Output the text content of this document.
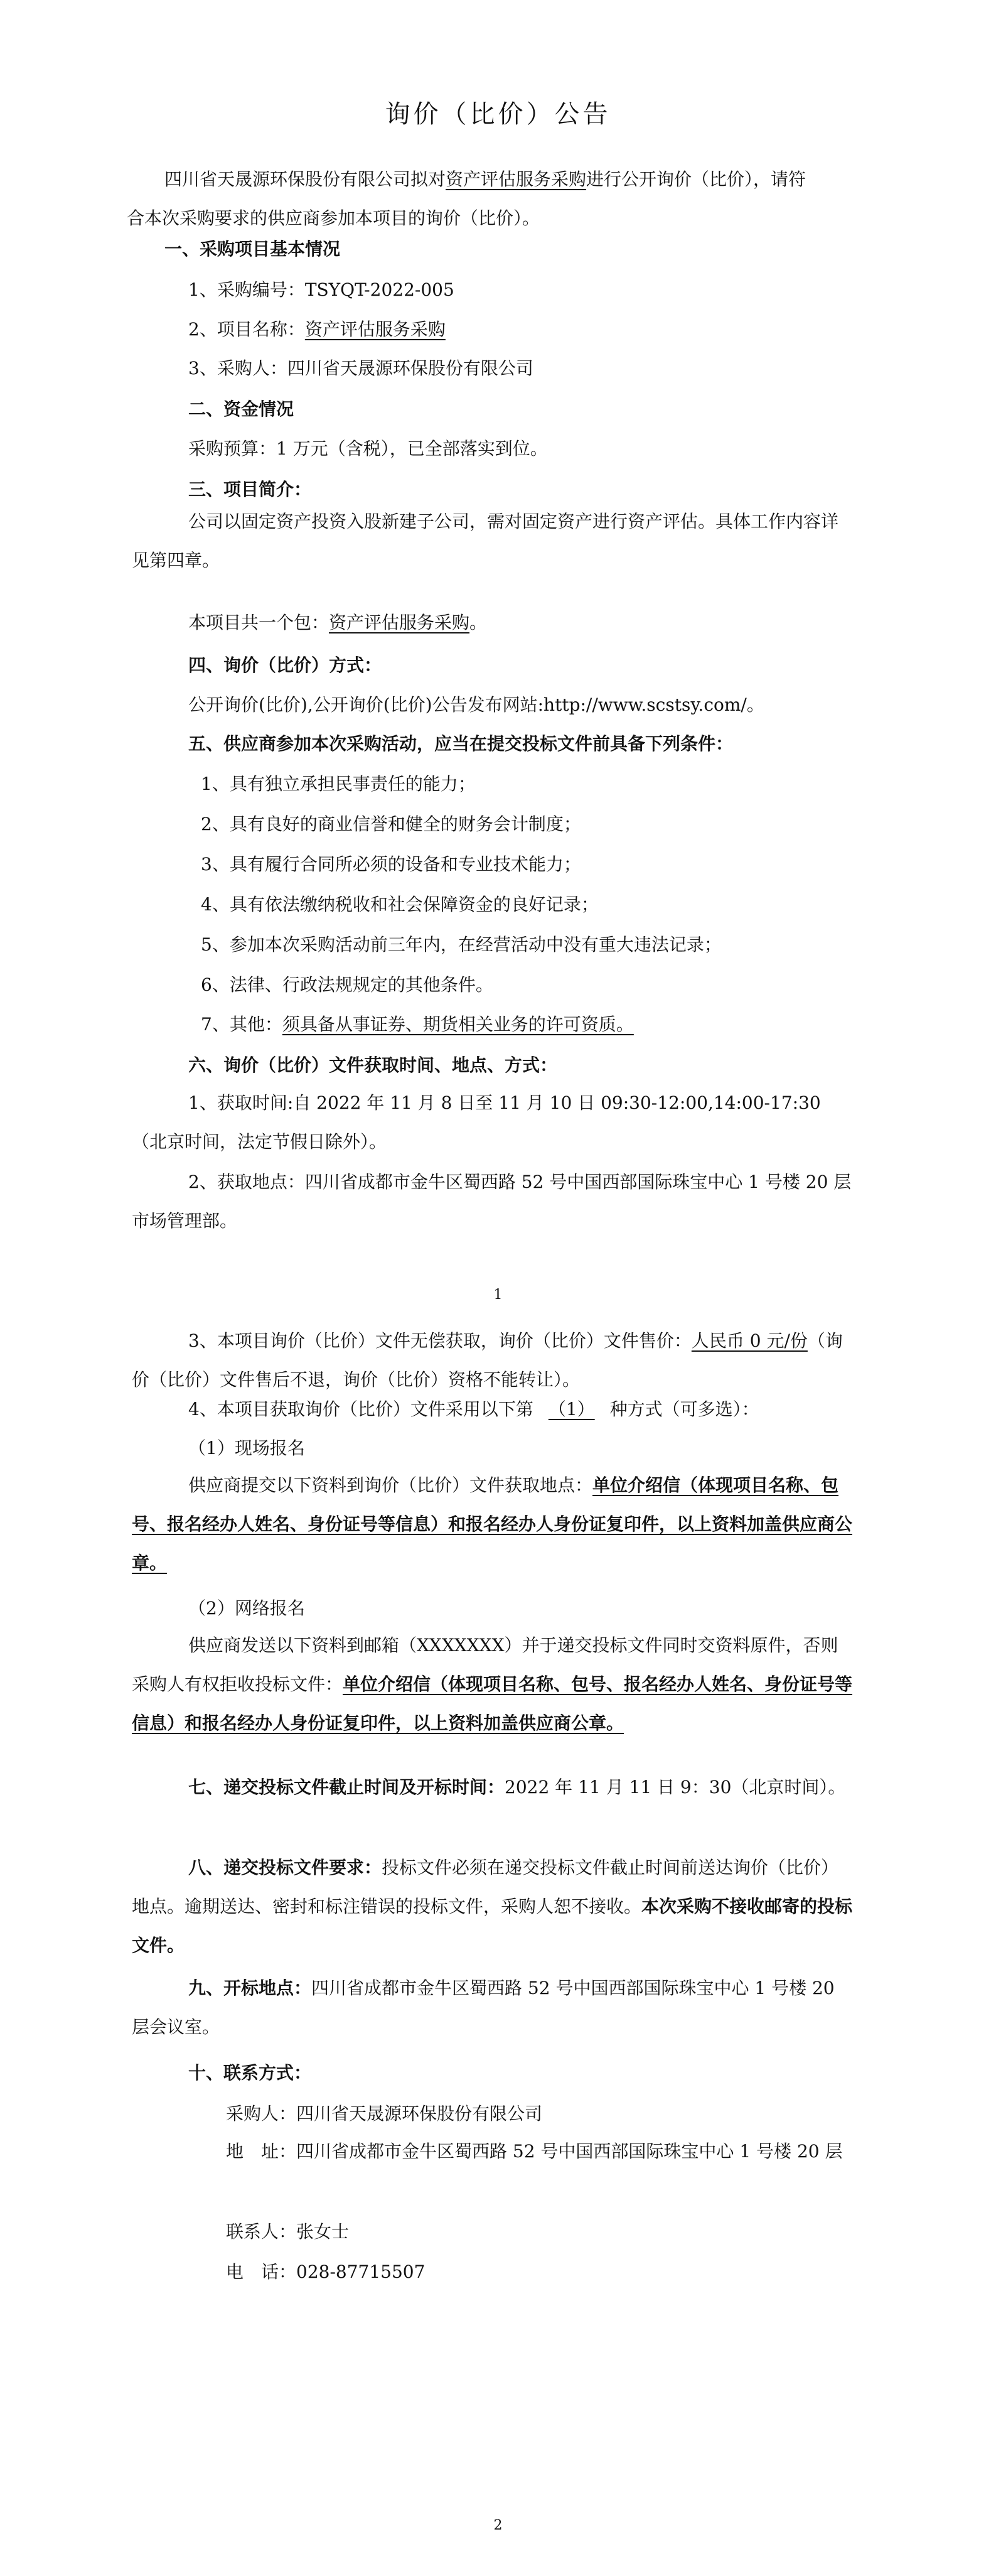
询价（比价）公告
四川省天晟源环保股份有限公司拟对资产评估服务采购进行公开询价（比价），请符合本次采购要求的供应商参加本项目的询价（比价）。
一、采购项目基本情况
1、采购编号：TSYQT-2022-005
2、项目名称：资产评估服务采购
3、采购人：四川省天晟源环保股份有限公司
二、资金情况
采购预算：1 万元（含税），已全部落实到位。
三、项目简介：
公司以固定资产投资入股新建子公司，需对固定资产进行资产评估。具体工作内容详见第四章。
本项目共一个包：资产评估服务采购。
四、询价（比价）方式：
公开询价(比价),公开询价(比价)公告发布网站:http://www.scstsy.com/。
五、供应商参加本次采购活动，应当在提交投标文件前具备下列条件：
1、具有独立承担民事责任的能力；
2、具有良好的商业信誉和健全的财务会计制度；
3、具有履行合同所必须的设备和专业技术能力；
4、具有依法缴纳税收和社会保障资金的良好记录；
5、参加本次采购活动前三年内，在经营活动中没有重大违法记录；
6、法律、行政法规规定的其他条件。
7、其他：须具备从事证券、期货相关业务的许可资质。
六、询价（比价）文件获取时间、地点、方式：
1、获取时间:自 2022 年 11 月 8 日至 11 月 10 日 09:30-12:00,14:00-17:30（北京时间，法定节假日除外）。
2、获取地点：四川省成都市金牛区蜀西路 52 号中国西部国际珠宝中心 1 号楼 20 层市场管理部。
1
3、本项目询价（比价）文件无偿获取，询价（比价）文件售价：人民币 0 元/份（询价（比价）文件售后不退，询价（比价）资格不能转让）。
4、本项目获取询价（比价）文件采用以下第 （1） 种方式（可多选）：
（1）现场报名
供应商提交以下资料到询价（比价）文件获取地点：单位介绍信（体现项目名称、包号、报名经办人姓名、身份证号等信息）和报名经办人身份证复印件，以上资料加盖供应商公章。
（2）网络报名
供应商发送以下资料到邮箱（XXXXXXX）并于递交投标文件同时交资料原件，否则采购人有权拒收投标文件：单位介绍信（体现项目名称、包号、报名经办人姓名、身份证号等信息）和报名经办人身份证复印件，以上资料加盖供应商公章。
七、递交投标文件截止时间及开标时间：2022 年 11 月 11 日 9：30（北京时间）。
八、递交投标文件要求：投标文件必须在递交投标文件截止时间前送达询价（比价）地点。逾期送达、密封和标注错误的投标文件，采购人恕不接收。本次采购不接收邮寄的投标文件。
九、开标地点：四川省成都市金牛区蜀西路 52 号中国西部国际珠宝中心 1 号楼 20 层会议室。
十、联系方式：
采购人：四川省天晟源环保股份有限公司
地　址：四川省成都市金牛区蜀西路 52 号中国西部国际珠宝中心 1 号楼 20 层
联系人：张女士
电　话：028-87715507
2
